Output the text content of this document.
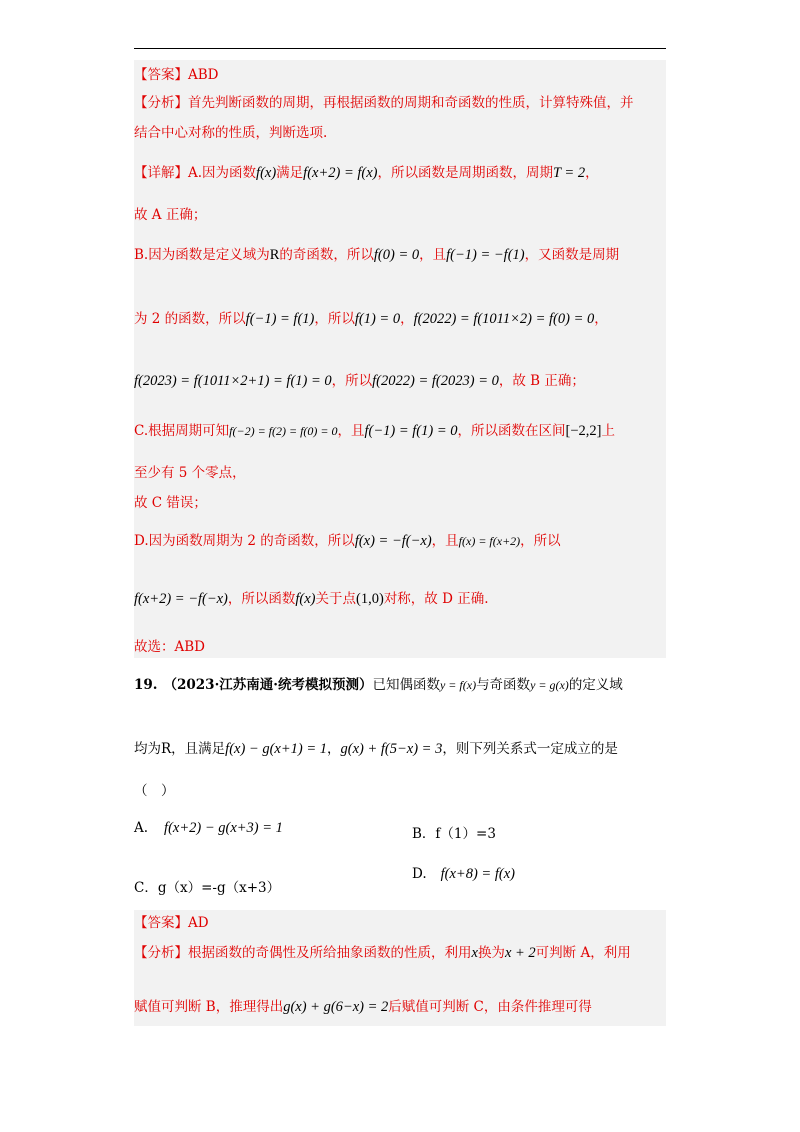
【答案】ABD
【分析】首先判断函数的周期，再根据函数的周期和奇函数的性质，计算特殊值，并
结合中心对称的性质，判断选项.
【详解】A.因为函数f(x)满足f(x+2) = f(x)，所以函数是周期函数，周期T = 2，
故 A 正确；
B.因为函数是定义域为R的奇函数，所以f(0) = 0，且f(−1) = −f(1)，又函数是周期
为 2 的函数，所以f(−1) = f(1)，所以f(1) = 0，f(2022) = f(1011×2) = f(0) = 0，
f(2023) = f(1011×2+1) = f(1) = 0，所以f(2022) = f(2023) = 0，故 B 正确；
C.根据周期可知f(−2) = f(2) = f(0) = 0，且f(−1) = f(1) = 0，所以函数在区间[−2,2]上
至少有 5 个零点，
故 C 错误；
D.因为函数周期为 2 的奇函数，所以f(x) = −f(−x)，且f(x) = f(x+2)，所以
f(x+2) = −f(−x)，所以函数f(x)关于点(1,0)对称，故 D 正确.
故选：ABD
19. （2023·江苏南通·统考模拟预测）已知偶函数y = f(x)与奇函数y = g(x)的定义域
均为R，且满足f(x) − g(x+1) = 1，g(x) + f(5−x) = 3，则下列关系式一定成立的是
（　）
A. f(x+2) − g(x+3) = 1	B．f（1）=3
C．g（x）=-g（x+3）
D. f(x+8) = f(x)
【答案】AD
【分析】根据函数的奇偶性及所给抽象函数的性质，利用x换为x + 2可判断 A，利用
赋值可判断 B，推理得出g(x) + g(6−x) = 2后赋值可判断 C，由条件推理可得
